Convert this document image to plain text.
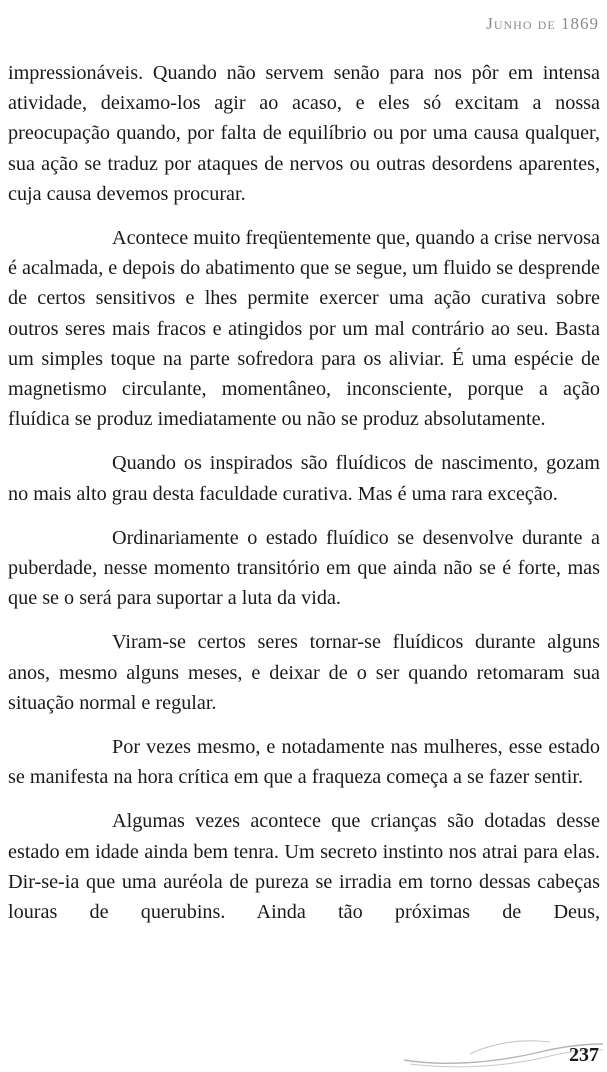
Junho de 1869

impressionáveis. Quando não servem senão para nos pôr em intensa atividade, deixamo-los agir ao acaso, e eles só excitam a nossa preocupação quando, por falta de equilíbrio ou por uma causa qualquer, sua ação se traduz por ataques de nervos ou outras desordens aparentes, cuja causa devemos procurar.

Acontece muito freqüentemente que, quando a crise nervosa é acalmada, e depois do abatimento que se segue, um fluido se desprende de certos sensitivos e lhes permite exercer uma ação curativa sobre outros seres mais fracos e atingidos por um mal contrário ao seu. Basta um simples toque na parte sofredora para os aliviar. É uma espécie de magnetismo circulante, momentâneo, inconsciente, porque a ação fluídica se produz imediatamente ou não se produz absolutamente.

Quando os inspirados são fluídicos de nascimento, gozam no mais alto grau desta faculdade curativa. Mas é uma rara exceção.

Ordinariamente o estado fluídico se desenvolve durante a puberdade, nesse momento transitório em que ainda não se é forte, mas que se o será para suportar a luta da vida.

Viram-se certos seres tornar-se fluídicos durante alguns anos, mesmo alguns meses, e deixar de o ser quando retomaram sua situação normal e regular.

Por vezes mesmo, e notadamente nas mulheres, esse estado se manifesta na hora crítica em que a fraqueza começa a se fazer sentir.

Algumas vezes acontece que crianças são dotadas desse estado em idade ainda bem tenra. Um secreto instinto nos atrai para elas. Dir-se-ia que uma auréola de pureza se irradia em torno dessas cabeças louras de querubins. Ainda tão próximas de Deus,

237
